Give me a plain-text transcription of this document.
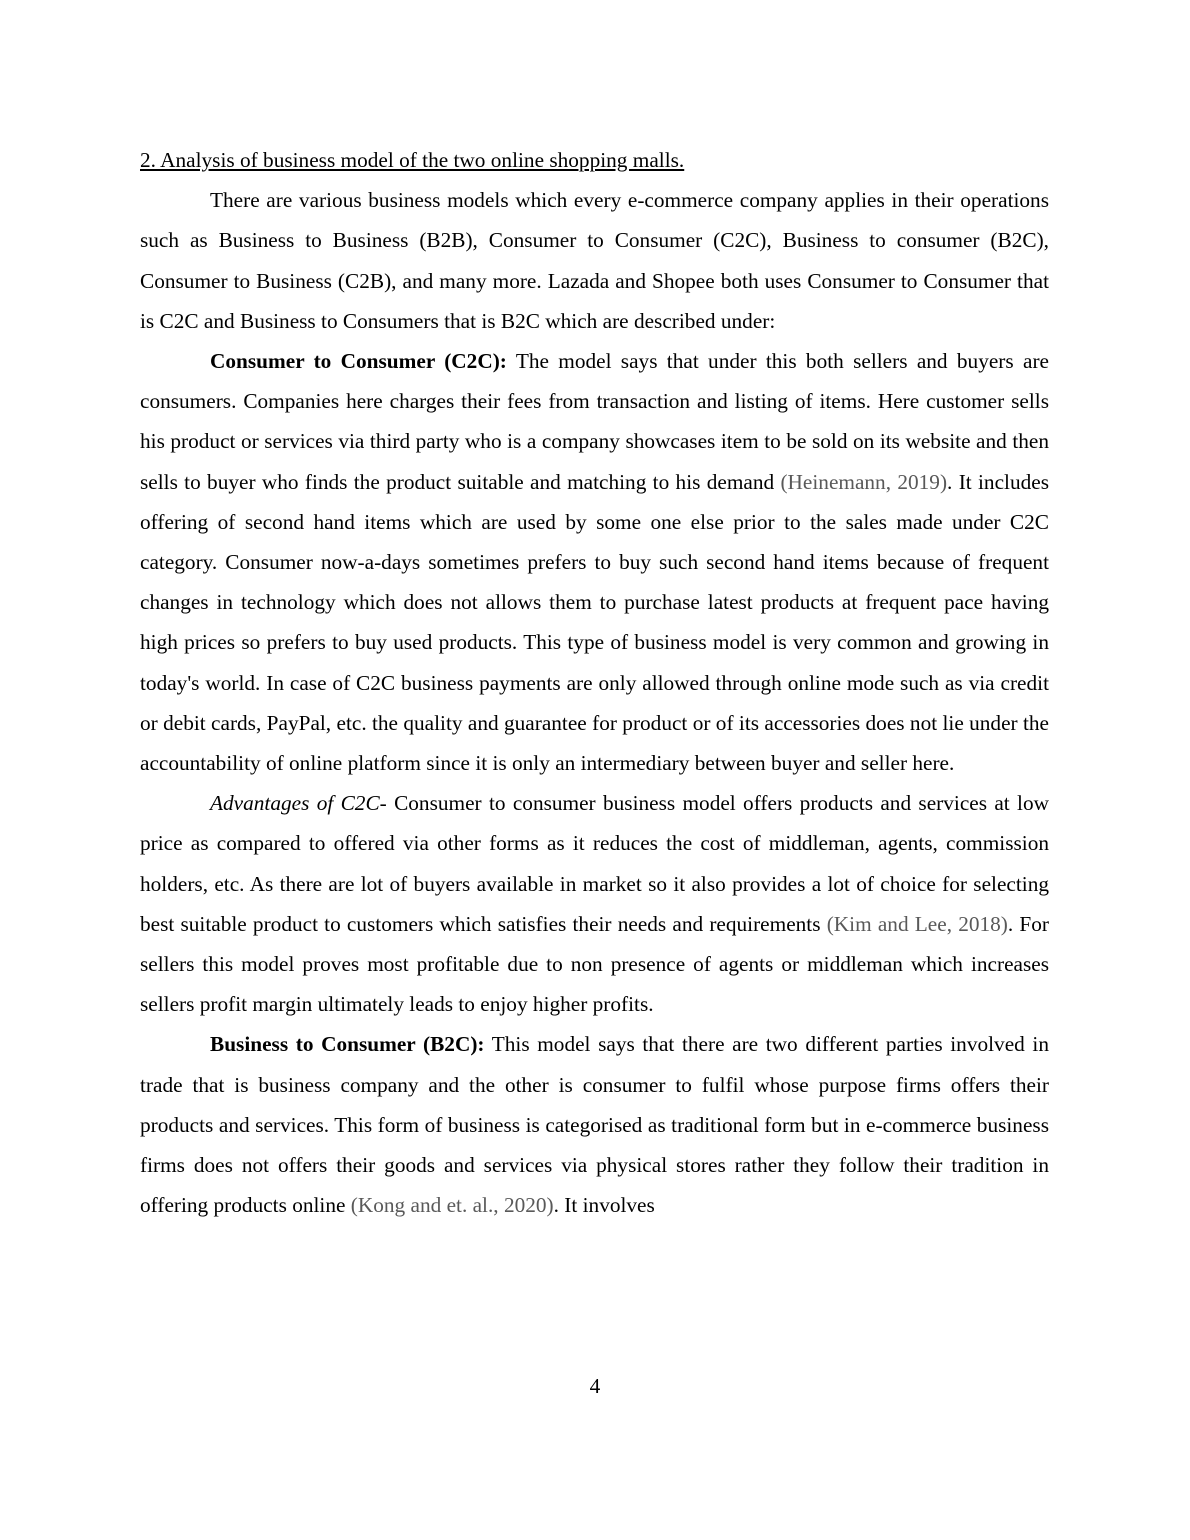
2. Analysis of business model of the two online shopping malls.

There are various business models which every e-commerce company applies in their operations such as Business to Business (B2B), Consumer to Consumer (C2C), Business to consumer (B2C), Consumer to Business (C2B), and many more. Lazada and Shopee both uses Consumer to Consumer that is C2C and Business to Consumers that is B2C which are described under:

Consumer to Consumer (C2C): The model says that under this both sellers and buyers are consumers. Companies here charges their fees from transaction and listing of items. Here customer sells his product or services via third party who is a company showcases item to be sold on its website and then sells to buyer who finds the product suitable and matching to his demand (Heinemann, 2019). It includes offering of second hand items which are used by some one else prior to the sales made under C2C category. Consumer now-a-days sometimes prefers to buy such second hand items because of frequent changes in technology which does not allows them to purchase latest products at frequent pace having high prices so prefers to buy used products. This type of business model is very common and growing in today's world. In case of C2C business payments are only allowed through online mode such as via credit or debit cards, PayPal, etc. the quality and guarantee for product or of its accessories does not lie under the accountability of online platform since it is only an intermediary between buyer and seller here.

Advantages of C2C- Consumer to consumer business model offers products and services at low price as compared to offered via other forms as it reduces the cost of middleman, agents, commission holders, etc. As there are lot of buyers available in market so it also provides a lot of choice for selecting best suitable product to customers which satisfies their needs and requirements (Kim and Lee, 2018). For sellers this model proves most profitable due to non presence of agents or middleman which increases sellers profit margin ultimately leads to enjoy higher profits.

Business to Consumer (B2C): This model says that there are two different parties involved in trade that is business company and the other is consumer to fulfil whose purpose firms offers their products and services. This form of business is categorised as traditional form but in e-commerce business firms does not offers their goods and services via physical stores rather they follow their tradition in offering products online (Kong and et. al., 2020). It involves

4
